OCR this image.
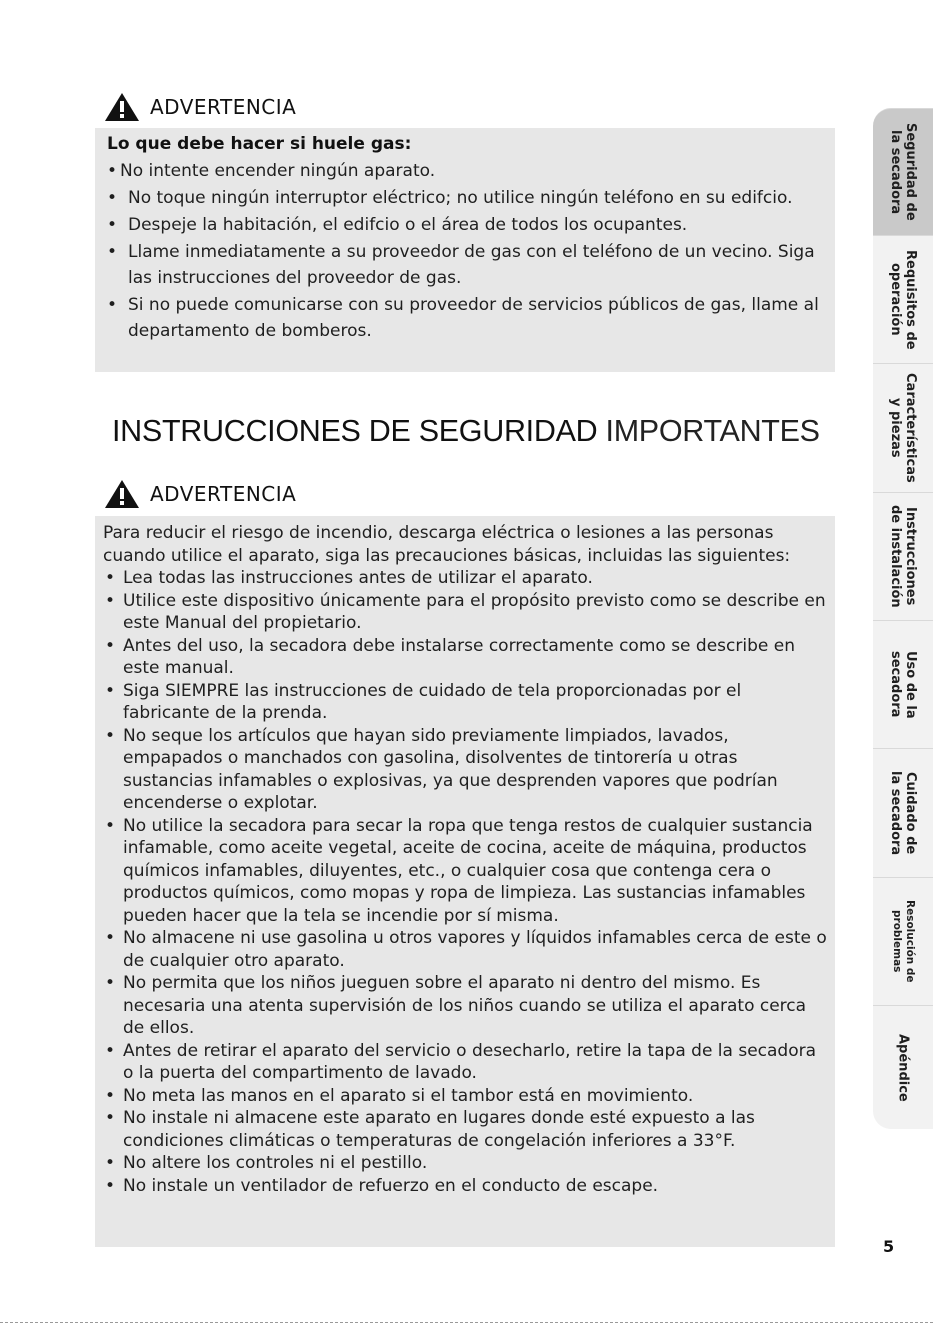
ADVERTENCIA
Lo que debe hacer si huele gas:
• No intente encender ningún aparato.
• No toque ningún interruptor eléctrico; no utilice ningún teléfono en su edifcio.
• Despeje la habitación, el edifcio o el área de todos los ocupantes.
• Llame inmediatamente a su proveedor de gas con el teléfono de un vecino. Siga las instrucciones del proveedor de gas.
• Si no puede comunicarse con su proveedor de servicios públicos de gas, llame al departamento de bomberos.
INSTRUCCIONES DE SEGURIDAD IMPORTANTES
ADVERTENCIA
Para reducir el riesgo de incendio, descarga eléctrica o lesiones a las personas cuando utilice el aparato, siga las precauciones básicas, incluidas las siguientes:
• Lea todas las instrucciones antes de utilizar el aparato.
• Utilice este dispositivo únicamente para el propósito previsto como se describe en este Manual del propietario.
• Antes del uso, la secadora debe instalarse correctamente como se describe en este manual.
• Siga SIEMPRE las instrucciones de cuidado de tela proporcionadas por el fabricante de la prenda.
• No seque los artículos que hayan sido previamente limpiados, lavados, empapados o manchados con gasolina, disolventes de tintorería u otras sustancias infamables o explosivas, ya que desprenden vapores que podrían encenderse o explotar.
• No utilice la secadora para secar la ropa que tenga restos de cualquier sustancia infamable, como aceite vegetal, aceite de cocina, aceite de máquina, productos químicos infamables, diluyentes, etc., o cualquier cosa que contenga cera o productos químicos, como mopas y ropa de limpieza. Las sustancias infamables pueden hacer que la tela se incendie por sí misma.
• No almacene ni use gasolina u otros vapores y líquidos infamables cerca de este o de cualquier otro aparato.
• No permita que los niños jueguen sobre el aparato ni dentro del mismo. Es necesaria una atenta supervisión de los niños cuando se utiliza el aparato cerca de ellos.
• Antes de retirar el aparato del servicio o desecharlo, retire la tapa de la secadora o la puerta del compartimento de lavado.
• No meta las manos en el aparato si el tambor está en movimiento.
• No instale ni almacene este aparato en lugares donde esté expuesto a las condiciones climáticas o temperaturas de congelación inferiores a 33°F.
• No altere los controles ni el pestillo.
• No instale un ventilador de refuerzo en el conducto de escape.
Seguridad de
la secadora
Requisitos de
operación
Características
y piezas
Instrucciones
de instalación
Uso de la
secadora
Cuidado de
la secadora
Resolución de
problemas
Apéndice
5
